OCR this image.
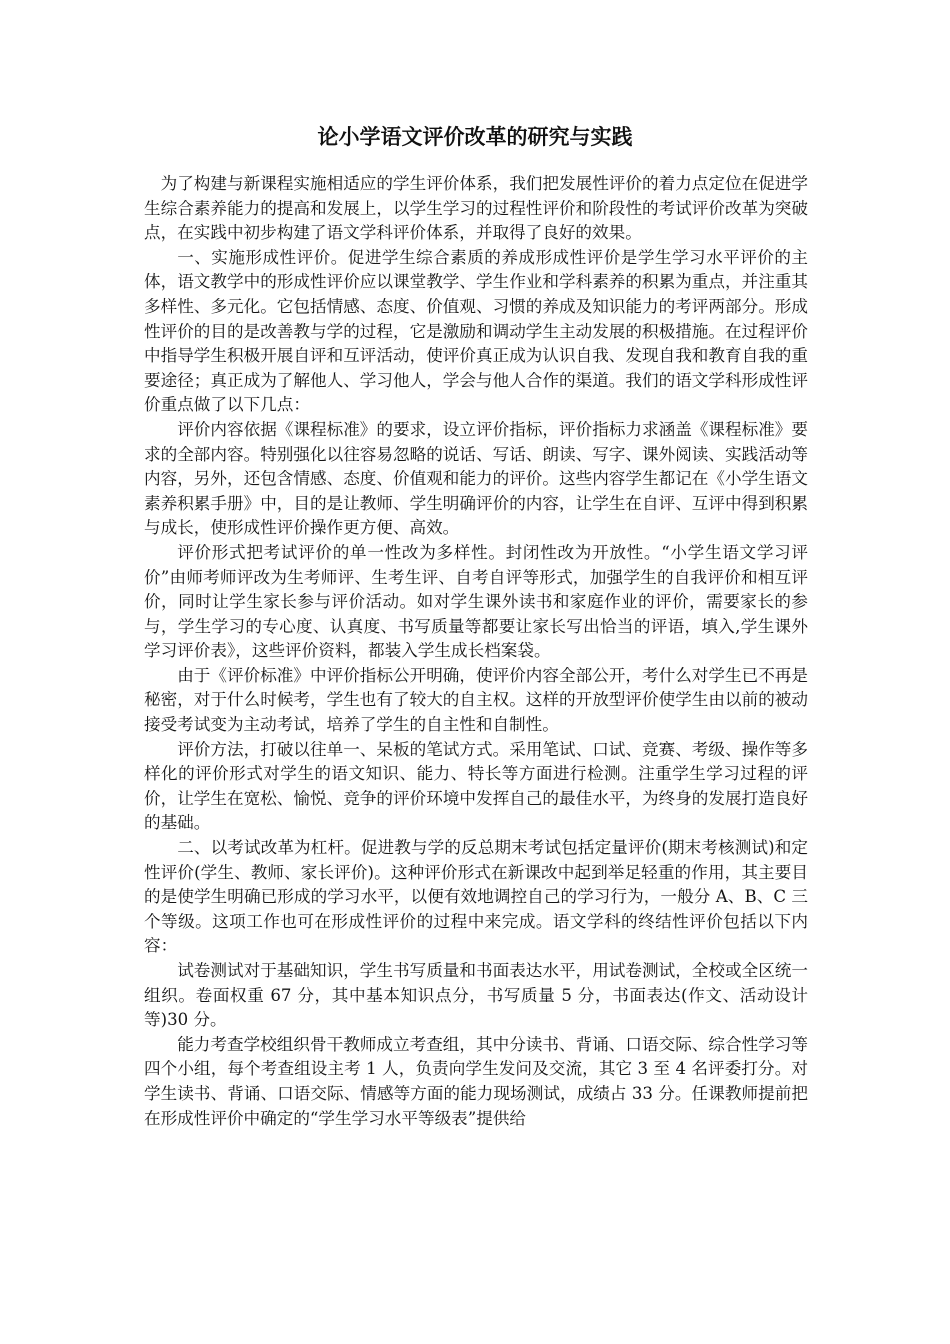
论小学语文评价改革的研究与实践

为了构建与新课程实施相适应的学生评价体系，我们把发展性评价的着力点定位在促进学生综合素养能力的提高和发展上，以学生学习的过程性评价和阶段性的考试评价改革为突破点，在实践中初步构建了语文学科评价体系，并取得了良好的效果。

一、实施形成性评价。促进学生综合素质的养成形成性评价是学生学习水平评价的主体，语文教学中的形成性评价应以课堂教学、学生作业和学科素养的积累为重点，并注重其多样性、多元化。它包括情感、态度、价值观、习惯的养成及知识能力的考评两部分。形成性评价的目的是改善教与学的过程，它是激励和调动学生主动发展的积极措施。在过程评价中指导学生积极开展自评和互评活动，使评价真正成为认识自我、发现自我和教育自我的重要途径；真正成为了解他人、学习他人，学会与他人合作的渠道。我们的语文学科形成性评价重点做了以下几点：

评价内容依据《课程标准》的要求，设立评价指标，评价指标力求涵盖《课程标准》要求的全部内容。特别强化以往容易忽略的说话、写话、朗读、写字、课外阅读、实践活动等内容，另外，还包含情感、态度、价值观和能力的评价。这些内容学生都记在《小学生语文素养积累手册》中，目的是让教师、学生明确评价的内容，让学生在自评、互评中得到积累与成长，使形成性评价操作更方便、高效。

评价形式把考试评价的单一性改为多样性。封闭性改为开放性。“小学生语文学习评价”由师考师评改为生考师评、生考生评、自考自评等形式，加强学生的自我评价和相互评价，同时让学生家长参与评价活动。如对学生课外读书和家庭作业的评价，需要家长的参与，学生学习的专心度、认真度、书写质量等都要让家长写出恰当的评语，填入,学生课外学习评价表》，这些评价资料，都装入学生成长档案袋。

由于《评价标准》中评价指标公开明确，使评价内容全部公开，考什么对学生已不再是秘密，对于什么时候考，学生也有了较大的自主权。这样的开放型评价使学生由以前的被动接受考试变为主动考试，培养了学生的自主性和自制性。

评价方法，打破以往单一、呆板的笔试方式。采用笔试、口试、竞赛、考级、操作等多样化的评价形式对学生的语文知识、能力、特长等方面进行检测。注重学生学习过程的评价，让学生在宽松、愉悦、竞争的评价环境中发挥自己的最佳水平，为终身的发展打造良好的基础。

二、以考试改革为杠杆。促进教与学的反总期末考试包括定量评价(期末考核测试)和定性评价(学生、教师、家长评价)。这种评价形式在新课改中起到举足轻重的作用，其主要目的是使学生明确已形成的学习水平，以便有效地调控自己的学习行为，一般分 A、B、C 三个等级。这项工作也可在形成性评价的过程中来完成。语文学科的终结性评价包括以下内容：

试卷测试对于基础知识，学生书写质量和书面表达水平，用试卷测试，全校或全区统一组织。卷面权重 67 分，其中基本知识点分，书写质量 5 分，书面表达(作文、活动设计等)30 分。

能力考查学校组织骨干教师成立考查组，其中分读书、背诵、口语交际、综合性学习等四个小组，每个考查组设主考 1 人，负责向学生发问及交流，其它 3 至 4 名评委打分。对学生读书、背诵、口语交际、情感等方面的能力现场测试，成绩占 33 分。任课教师提前把在形成性评价中确定的“学生学习水平等级表”提供给
